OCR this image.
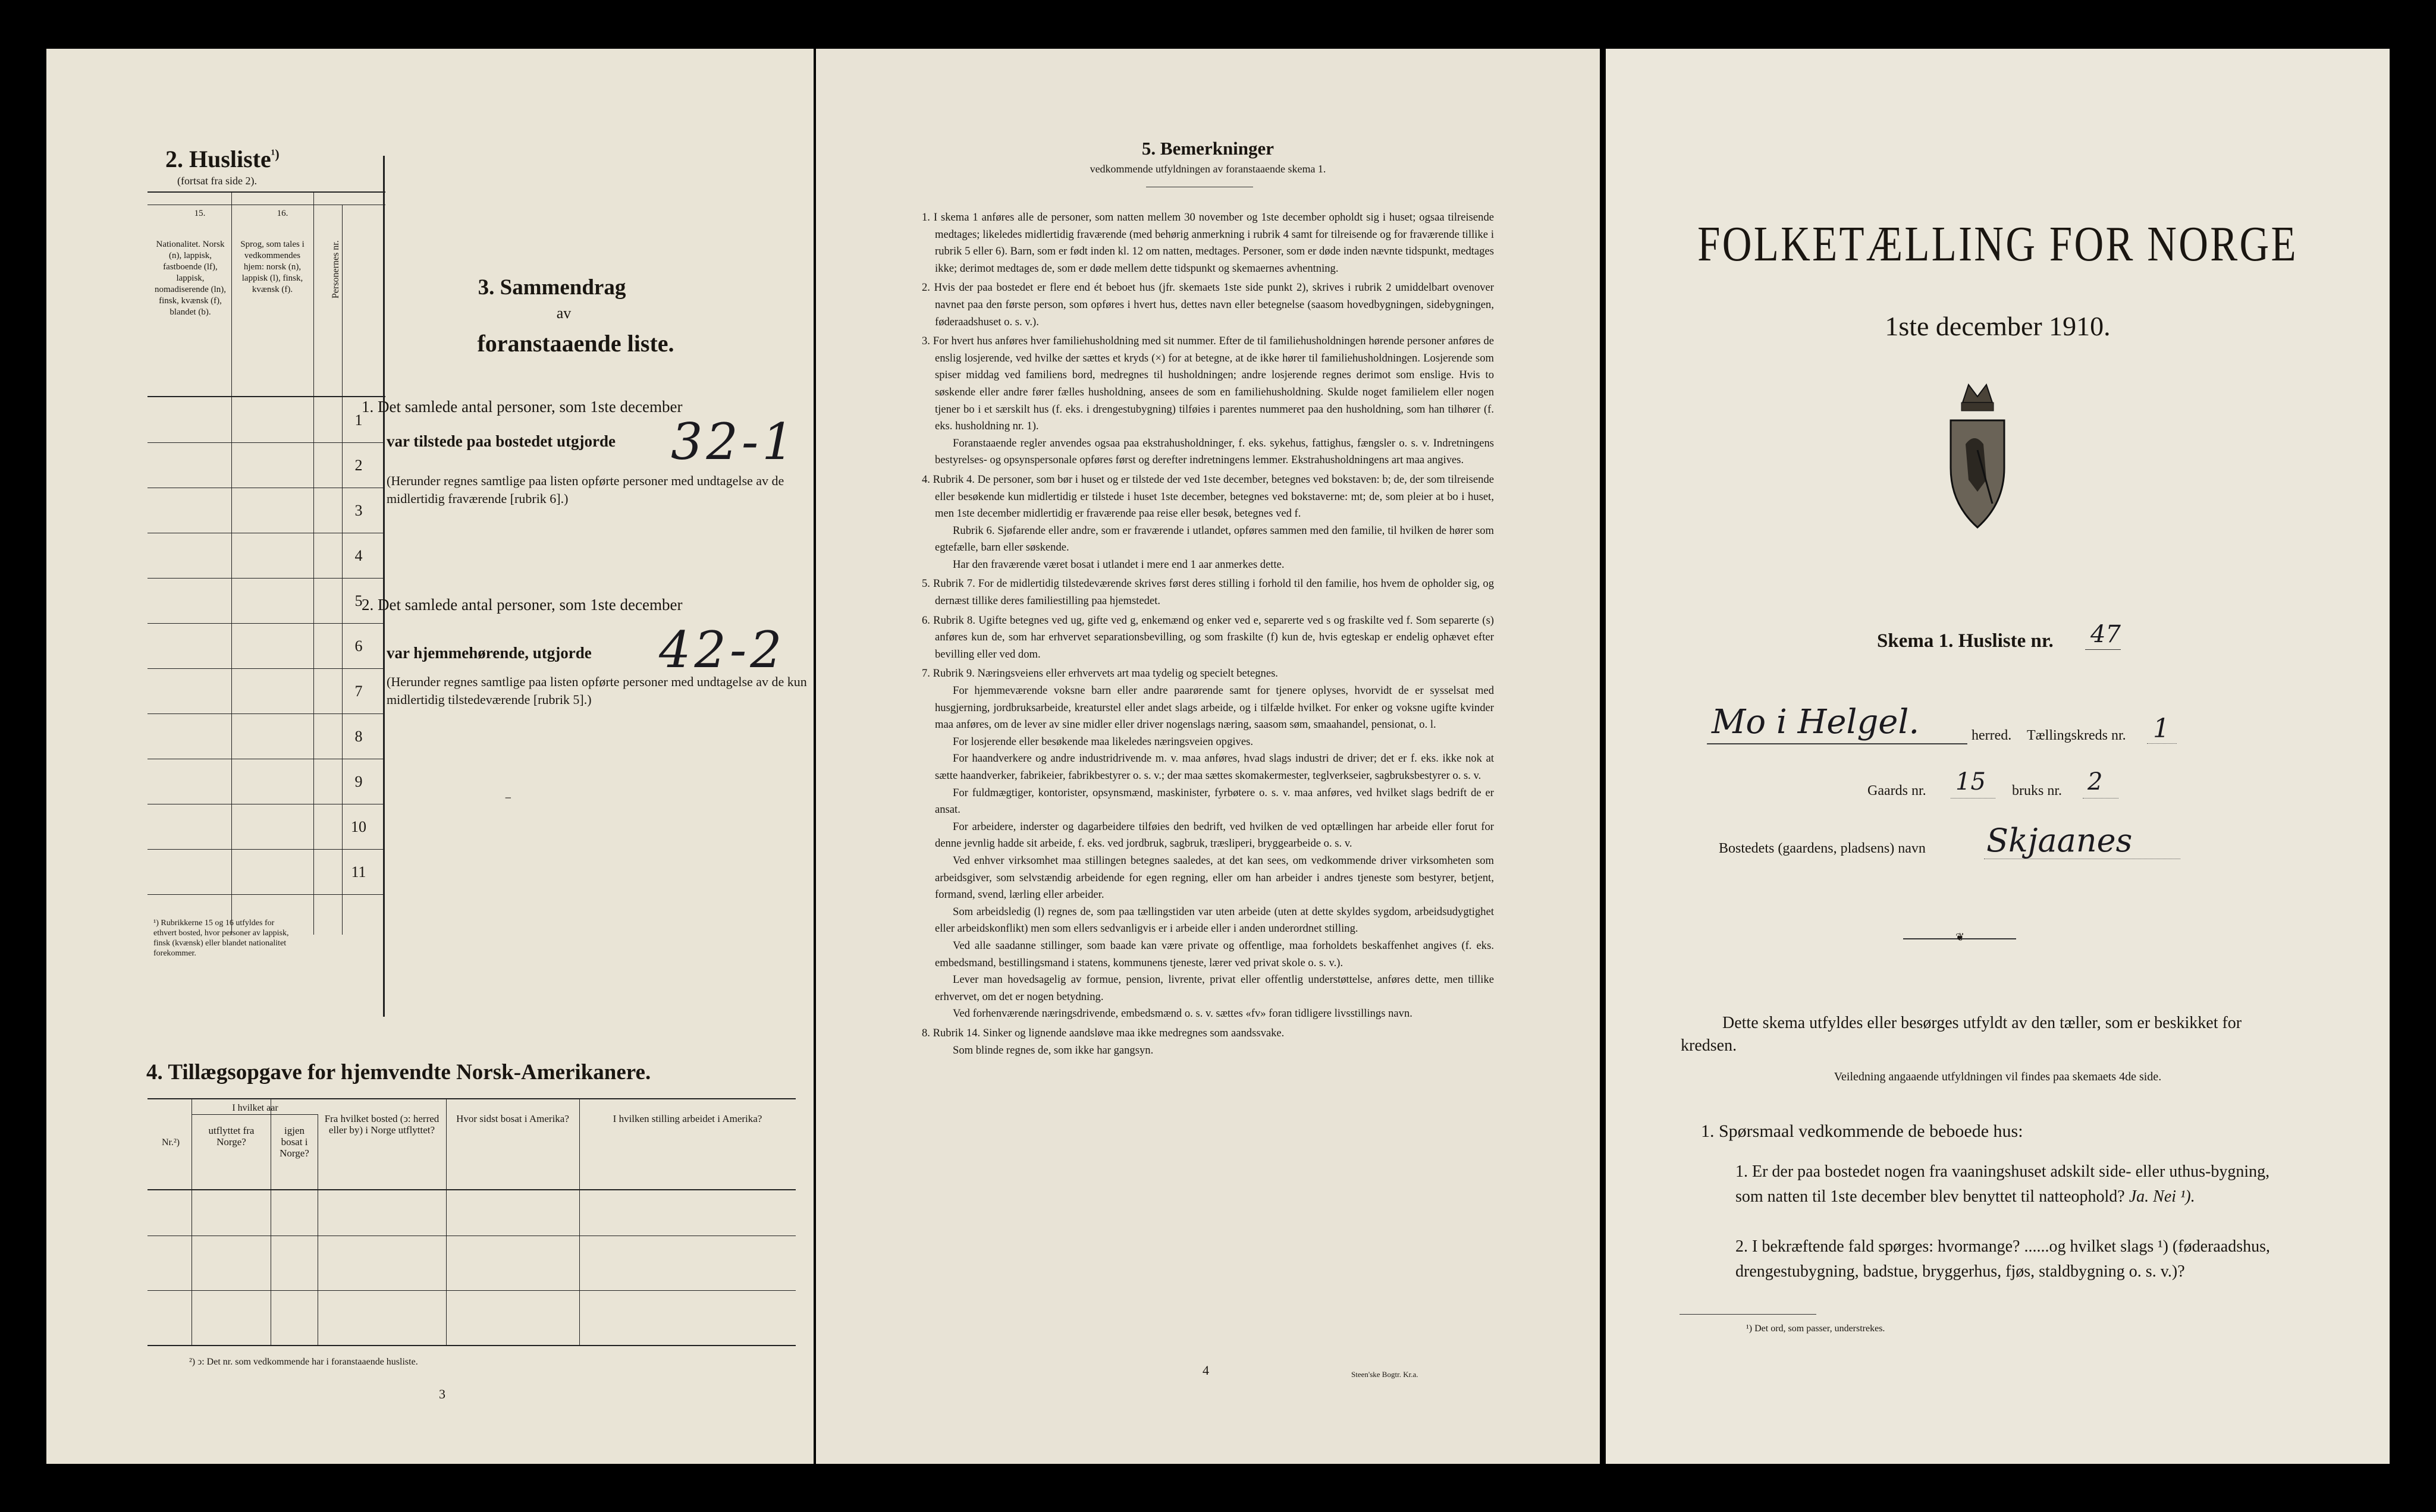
2. Husliste$^{^1)}$
(fortsat fra side 2).
15.	16.
Nationalitet. Norsk (n), lappisk, fastboende (lf), lappisk, nomadiserende (ln), finsk, kvænsk (f), blandet (b).
Sprog, som tales i vedkommendes hjem: norsk (n), lappisk (l), finsk, kvænsk (f).	Personernes nr.
1
2
3
4
5
6
7
8
9
10
11
¹) Rubrikkerne 15 og 16 utfyldes for ethvert bosted, hvor personer av lappisk, finsk (kvænsk) eller blandet nationalitet forekommer.
3. Sammendrag
av
foranstaaende liste.
1. Det samlede antal personer, som 1ste december
var tilstede paa bostedet utgjorde 32-1
(Herunder regnes samtlige paa listen opførte personer med undtagelse av de midlertidig fraværende [rubrik 6].)
2. Det samlede antal personer, som 1ste december
var hjemmehørende, utgjorde 42-2
(Herunder regnes samtlige paa listen opførte personer med undtagelse av de kun midlertidig tilstedeværende [rubrik 5].)
⁻
4. Tillægsopgave for hjemvendte Norsk-Amerikanere.
Nr.²)
I hvilket aar
utflyttet fra Norge?
igjen bosat i Norge?
Fra hvilket bosted (ↄ: herred eller by) i Norge utflyttet?
Hvor sidst bosat i Amerika?	I hvilken stilling arbeidet i Amerika?
²) ↄ: Det nr. som vedkommende har i foranstaaende husliste.
3
5. Bemerkninger
vedkommende utfyldningen av foranstaaende skema 1.

1. I skema 1 anføres alle de personer, som natten mellem 30 november og 1ste december opholdt sig i huset; ogsaa tilreisende medtages; likeledes midlertidig fraværende (med behørig anmerkning i rubrik 4 samt for tilreisende og for fraværende tillike i rubrik 5 eller 6). Barn, som er født inden kl. 12 om natten, medtages. Personer, som er døde inden nævnte tidspunkt, medtages ikke; derimot medtages de, som er døde mellem dette tidspunkt og skemaernes avhentning.

2. Hvis der paa bostedet er flere end ét beboet hus (jfr. skemaets 1ste side punkt 2), skrives i rubrik 2 umiddelbart ovenover navnet paa den første person, som opføres i hvert hus, dettes navn eller betegnelse (saasom hovedbygningen, sidebygningen, føderaadshuset o. s. v.).

3. For hvert hus anføres hver familiehusholdning med sit nummer. Efter de til familiehusholdningen hørende personer anføres de enslig losjerende, ved hvilke der sættes et kryds (×) for at betegne, at de ikke hører til familiehusholdningen. Losjerende som spiser middag ved familiens bord, medregnes til husholdningen; andre losjerende regnes derimot som enslige. Hvis to søskende eller andre fører fælles husholdning, ansees de som en familiehusholdning. Skulde noget familielem eller nogen tjener bo i et særskilt hus (f. eks. i drengestubygning) tilføies i parentes nummeret paa den husholdning, som han tilhører (f. eks. husholdning nr. 1).

Foranstaaende regler anvendes ogsaa paa ekstrahusholdninger, f. eks. sykehus, fattighus, fængsler o. s. v. Indretningens bestyrelses- og opsynspersonale opføres først og derefter indretningens lemmer. Ekstrahusholdningens art maa angives.

4. Rubrik 4. De personer, som bør i huset og er tilstede der ved 1ste december, betegnes ved bokstaven: b; de, der som tilreisende eller besøkende kun midlertidig er tilstede i huset 1ste december, betegnes ved bokstaverne: mt; de, som pleier at bo i huset, men 1ste december midlertidig er fraværende paa reise eller besøk, betegnes ved f.

Rubrik 6. Sjøfarende eller andre, som er fraværende i utlandet, opføres sammen med den familie, til hvilken de hører som egtefælle, barn eller søskende.

Har den fraværende været bosat i utlandet i mere end 1 aar anmerkes dette.

5. Rubrik 7. For de midlertidig tilstedeværende skrives først deres stilling i forhold til den familie, hos hvem de opholder sig, og dernæst tillike deres familiestilling paa hjemstedet.

6. Rubrik 8. Ugifte betegnes ved ug, gifte ved g, enkemænd og enker ved e, separerte ved s og fraskilte ved f. Som separerte (s) anføres kun de, som har erhvervet separationsbevilling, og som fraskilte (f) kun de, hvis egteskap er endelig ophævet efter bevilling eller ved dom.

7. Rubrik 9. Næringsveiens eller erhvervets art maa tydelig og specielt betegnes.

For hjemmeværende voksne barn eller andre paarørende samt for tjenere oplyses, hvorvidt de er sysselsat med husgjerning, jordbruksarbeide, kreaturstel eller andet slags arbeide, og i tilfælde hvilket. For enker og voksne ugifte kvinder maa anføres, om de lever av sine midler eller driver nogenslags næring, saasom søm, smaahandel, pensionat, o. l.

For losjerende eller besøkende maa likeledes næringsveien opgives.

For haandverkere og andre industridrivende m. v. maa anføres, hvad slags industri de driver; det er f. eks. ikke nok at sætte haandverker, fabrikeier, fabrikbestyrer o. s. v.; der maa sættes skomakermester, teglverkseier, sagbruksbestyrer o. s. v.

For fuldmægtiger, kontorister, opsynsmænd, maskinister, fyrbøtere o. s. v. maa anføres, ved hvilket slags bedrift de er ansat.

For arbeidere, inderster og dagarbeidere tilføies den bedrift, ved hvilken de ved optællingen har arbeide eller forut for denne jevnlig hadde sit arbeide, f. eks. ved jordbruk, sagbruk, træsliperi, bryggearbeide o. s. v.

Ved enhver virksomhet maa stillingen betegnes saaledes, at det kan sees, om vedkommende driver virksomheten som arbeidsgiver, som selvstændig arbeidende for egen regning, eller om han arbeider i andres tjeneste som bestyrer, betjent, formand, svend, lærling eller arbeider.

Som arbeidsledig (l) regnes de, som paa tællingstiden var uten arbeide (uten at dette skyldes sygdom, arbeidsudygtighet eller arbeidskonflikt) men som ellers sedvanligvis er i arbeide eller i anden underordnet stilling.

Ved alle saadanne stillinger, som baade kan være private og offentlige, maa forholdets beskaffenhet angives (f. eks. embedsmand, bestillingsmand i statens, kommunens tjeneste, lærer ved privat skole o. s. v.).

Lever man hovedsagelig av formue, pension, livrente, privat eller offentlig understøttelse, anføres dette, men tillike erhvervet, om det er nogen betydning.

Ved forhenværende næringsdrivende, embedsmænd o. s. v. sættes «fv» foran tidligere livsstillings navn.

8. Rubrik 14. Sinker og lignende aandsløve maa ikke medregnes som aandssvake.

Som blinde regnes de, som ikke har gangsyn.

4	Steen'ske Bogtr. Kr.a.
FOLKETÆLLING FOR NORGE
1ste december 1910.
Skema 1. Husliste nr. 47
Mo i Helgel.	herred. Tællingskreds nr. 1
Gaards nr. 15 bruks nr. 2
Bostedets (gaardens, pladsens) navn Skjaanes
❦
Dette skema utfyldes eller besørges utfyldt av den tæller, som er beskikket for kredsen.
Veiledning angaaende utfyldningen vil findes paa skemaets 4de side.
1. Spørsmaal vedkommende de beboede hus:
1. Er der paa bostedet nogen fra vaaningshuset adskilt side- eller uthus-bygning, som natten til 1ste december blev benyttet til natteophold? Ja. Nei ¹).
2. I bekræftende fald spørges: hvormange? ......og hvilket slags ¹) (føderaadshus, drengestubygning, badstue, bryggerhus, fjøs, staldbygning o. s. v.)?
¹) Det ord, som passer, understrekes.
